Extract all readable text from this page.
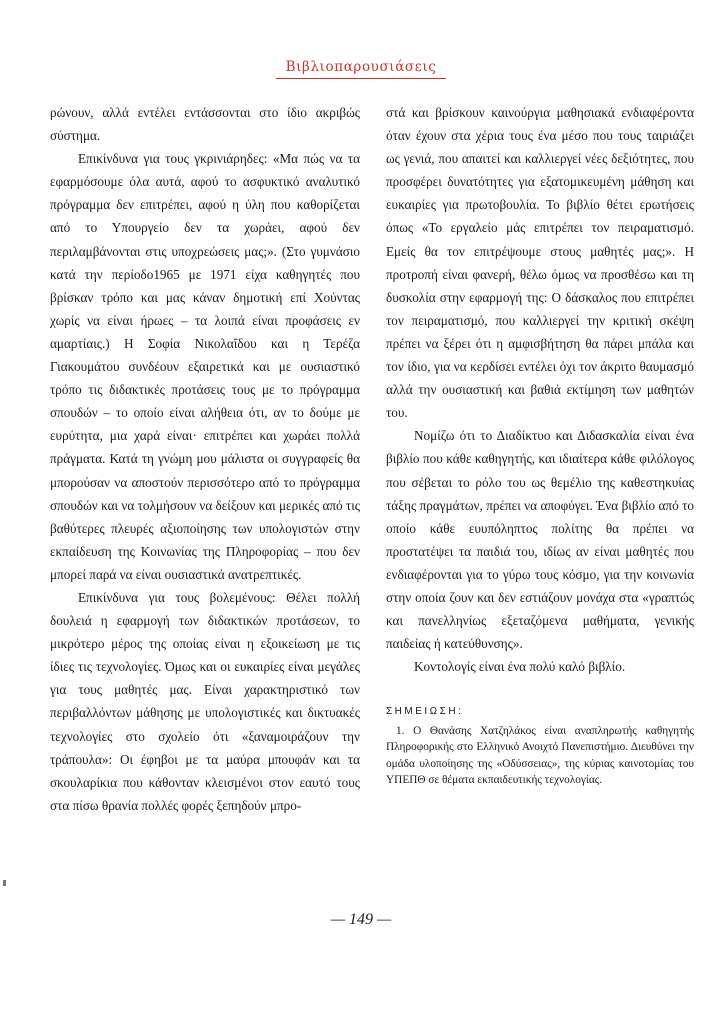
Βιβλιοπαρουσιάσεις

ρώνουν, αλλά εντέλει εντάσσονται στο ίδιο ακριβώς σύστημα.

Επικίνδυνα για τους γκρινιάρηδες: «Μα πώς να τα εφαρμόσουμε όλα αυτά, αφού το ασφυκτικό αναλυτικό πρόγραμμα δεν επιτρέπει, αφού η ύλη που καθορίζεται από το Υπουργείο δεν τα χωράει, αφού δεν περιλαμβάνονται στις υποχρεώσεις μας;». (Στο γυμνάσιο κατά την περίοδο1965 με 1971 είχα καθηγητές που βρίσκαν τρόπο και μας κάναν δημοτική επί Χούντας χωρίς να είναι ήρωες – τα λοιπά είναι προφάσεις εν αμαρτίαις.) Η Σοφία Νικολαΐδου και η Τερέζα Γιακουμάτου συνδέουν εξαιρετικά και με ουσιαστικό τρόπο τις διδακτικές προτάσεις τους με το πρόγραμμα σπουδών – το οποίο είναι αλήθεια ότι, αν το δούμε με ευρύτητα, μια χαρά είναι· επιτρέπει και χωράει πολλά πράγματα. Κατά τη γνώμη μου μάλιστα οι συγγραφείς θα μπορούσαν να αποστούν περισσότερο από το πρόγραμμα σπουδών και να τολμήσουν να δείξουν και μερικές από τις βαθύτερες πλευρές αξιοποίησης των υπολογιστών στην εκπαίδευση της Κοινωνίας της Πληροφορίας – που δεν μπορεί παρά να είναι ουσιαστικά ανατρεπτικές.

Επικίνδυνα για τους βολεμένους: Θέλει πολλή δουλειά η εφαρμογή των διδακτικών προτάσεων, το μικρότερο μέρος της οποίας είναι η εξοικείωση με τις ίδιες τις τεχνολογίες. Όμως και οι ευκαιρίες είναι μεγάλες για τους μαθητές μας. Είναι χαρακτηριστικό των περιβαλλόντων μάθησης με υπολογιστικές και δικτυακές τεχνολογίες στο σχολείο ότι «ξαναμοιράζουν την τράπουλα»: Οι έφηβοι με τα μαύρα μπουφάν και τα σκουλαρίκια που κάθονταν κλεισμένοι στον εαυτό τους στα πίσω θρανία πολλές φορές ξεπηδούν μπρο-

στά και βρίσκουν καινούργια μαθησιακά ενδιαφέροντα όταν έχουν στα χέρια τους ένα μέσο που τους ταιριάζει ως γενιά, που απαιτεί και καλλιεργεί νέες δεξιότητες, που προσφέρει δυνατότητες για εξατομικευμένη μάθηση και ευκαιρίες για πρωτοβουλία. Το βιβλίο θέτει ερωτήσεις όπως «Το εργαλείο μάς επιτρέπει τον πειραματισμό. Εμείς θα τον επιτρέψουμε στους μαθητές μας;». Η προτροπή είναι φανερή, θέλω όμως να προσθέσω και τη δυσκολία στην εφαρμογή της: Ο δάσκαλος που επιτρέπει τον πειραματισμό, που καλλιεργεί την κριτική σκέψη πρέπει να ξέρει ότι η αμφισβήτηση θα πάρει μπάλα και τον ίδιο, για να κερδίσει εντέλει όχι τον άκριτο θαυμασμό αλλά την ουσιαστική και βαθιά εκτίμηση των μαθητών του.

Νομίζω ότι το Διαδίκτυο και Διδασκαλία είναι ένα βιβλίο που κάθε καθηγητής, και ιδιαίτερα κάθε φιλόλογος που σέβεται το ρόλο του ως θεμέλιο της καθεστηκυίας τάξης πραγμάτων, πρέπει να αποφύγει. Ένα βιβλίο από το οποίο κάθε ευυπόληπτος πολίτης θα πρέπει να προστατέψει τα παιδιά του, ιδίως αν είναι μαθητές που ενδιαφέρονται για το γύρω τους κόσμο, για την κοινωνία στην οποία ζουν και δεν εστιάζουν μονάχα στα «γραπτώς και πανελληνίως εξεταζόμενα μαθήματα, γενικής παιδείας ή κατεύθυνσης».

Κοντολογίς είναι ένα πολύ καλό βιβλίο.

ΣΗΜΕΙΩΣΗ:

1. Ο Θανάσης Χατζηλάκος είναι αναπληρωτής καθηγητής Πληροφορικής στο Ελληνικό Ανοιχτό Πανεπιστήμιο. Διευθύνει την ομάδα υλοποίησης της «Οδύσσειας», της κύριας καινοτομίας του ΥΠΕΠΘ σε θέματα εκπαιδευτικής τεχνολογίας.

— 149 —
